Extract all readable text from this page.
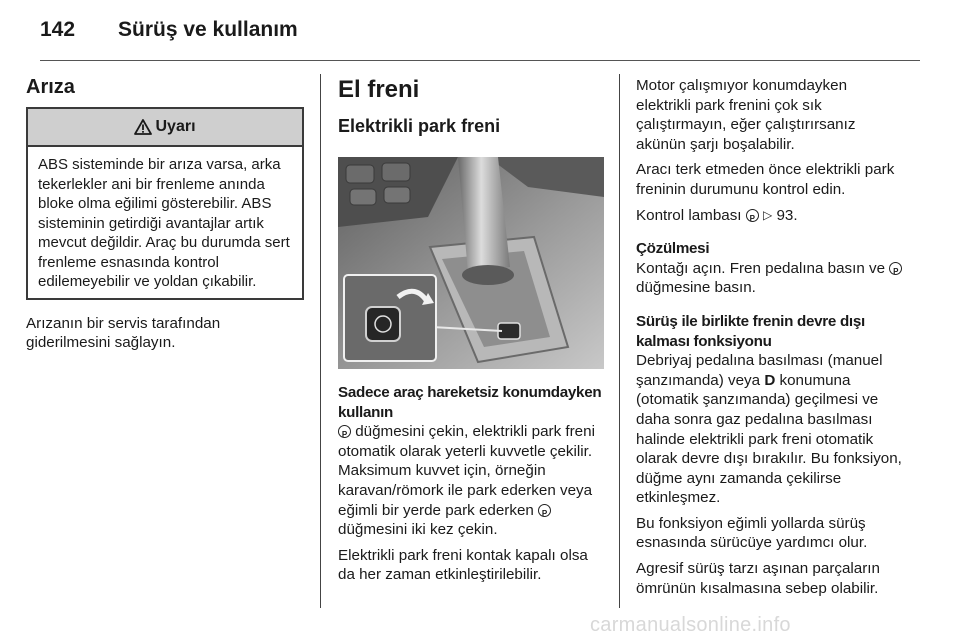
142 Sürüş ve kullanım
Arıza
Uyarı
ABS sisteminde bir arıza varsa, arka tekerlekler ani bir frenleme anında bloke olma eğilimi gösterebilir. ABS sisteminin getirdiği avantajlar artık mevcut değildir. Araç bu durumda sert frenleme esnasında kontrol edilemeyebilir ve yoldan çıkabilir.

Arızanın bir servis tarafından giderilmesini sağlayın.

El freni
Elektrikli park freni
Sadece araç hareketsiz konumdayken kullanın

P düğmesini çekin, elektrikli park freni otomatik olarak yeterli kuvvetle çekilir. Maksimum kuvvet için, örneğin karavan/römork ile park ederken veya eğimli bir yerde park ederken P düğmesini iki kez çekin.

Elektrikli park freni kontak kapalı olsa da her zaman etkinleştirilebilir.

Motor çalışmıyor konumdayken elektrikli park frenini çok sık çalıştırmayın, eğer çalıştırırsanız akünün şarjı boşalabilir.

Aracı terk etmeden önce elektrikli park freninin durumunu kontrol edin.

Kontrol lambası P ▷ 93.

Çözülmesi

Kontağı açın. Fren pedalına basın ve P düğmesine basın.

Sürüş ile birlikte frenin devre dışı kalması fonksiyonu

Debriyaj pedalına basılması (manuel şanzımanda) veya D konumuna (otomatik şanzımanda) geçilmesi ve daha sonra gaz pedalına basılması halinde elektrikli park freni otomatik olarak devre dışı bırakılır. Bu fonksiyon, düğme aynı zamanda çekilirse etkinleşmez.

Bu fonksiyon eğimli yollarda sürüş esnasında sürücüye yardımcı olur.

Agresif sürüş tarzı aşınan parçaların ömrünün kısalmasına sebep olabilir.

carmanualsonline.info
